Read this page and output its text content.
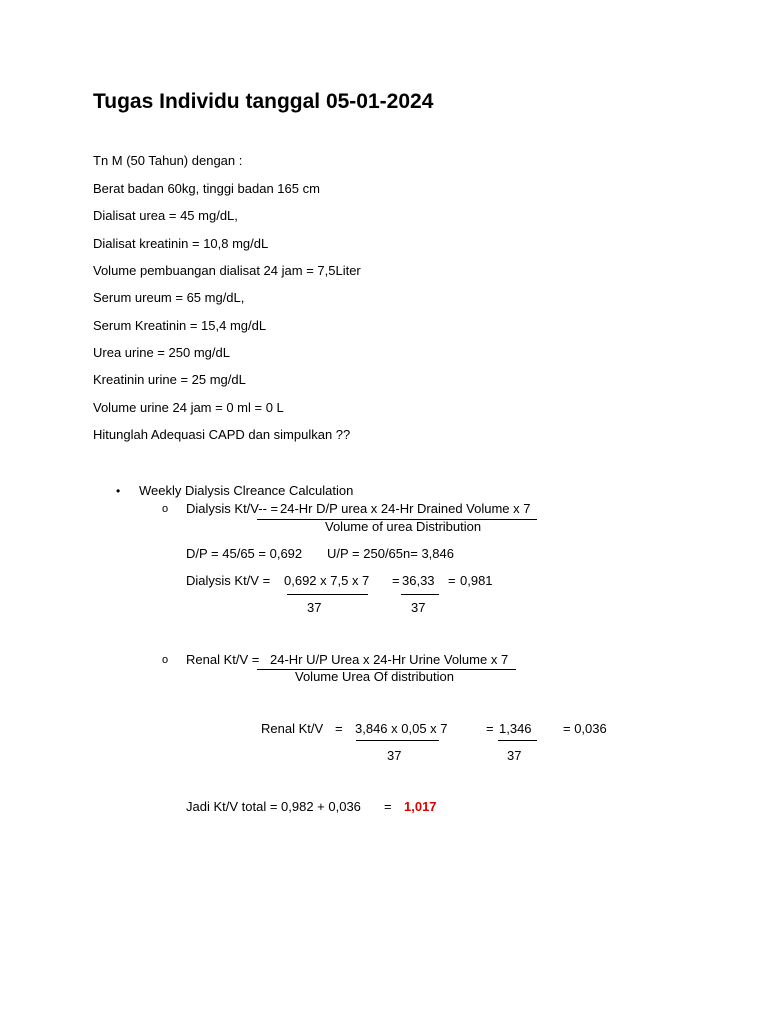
Tugas Individu tanggal 05-01-2024
Tn M (50 Tahun) dengan :
Berat badan 60kg, tinggi badan 165 cm
Dialisat urea = 45 mg/dL,
Dialisat kreatinin = 10,8 mg/dL
Volume pembuangan dialisat 24 jam = 7,5Liter
Serum ureum = 65 mg/dL,
Serum Kreatinin = 15,4 mg/dL
Urea urine = 250 mg/dL
Kreatinin urine = 25 mg/dL
Volume urine 24 jam = 0 ml = 0 L
Hitunglah Adequasi CAPD dan simpulkan ??
• Weekly Dialysis Clreance Calculation
o Dialysis Kt/V-- = 24-Hr D/P urea x 24-Hr Drained Volume x 7
Volume of urea Distribution
D/P = 45/65 = 0,692 U/P = 250/65n= 3,846
Dialysis Kt/V = 0,692 x 7,5 x 7 = 36,33 = 0,981
37	37
o Renal Kt/V = 24-Hr U/P Urea x 24-Hr Urine Volume x 7
Volume Urea Of distribution
Renal Kt/V = 3,846 x 0,05 x 7	= 1,346 = 0,036
37	37
Jadi Kt/V total = 0,982 + 0,036 = 1,017
